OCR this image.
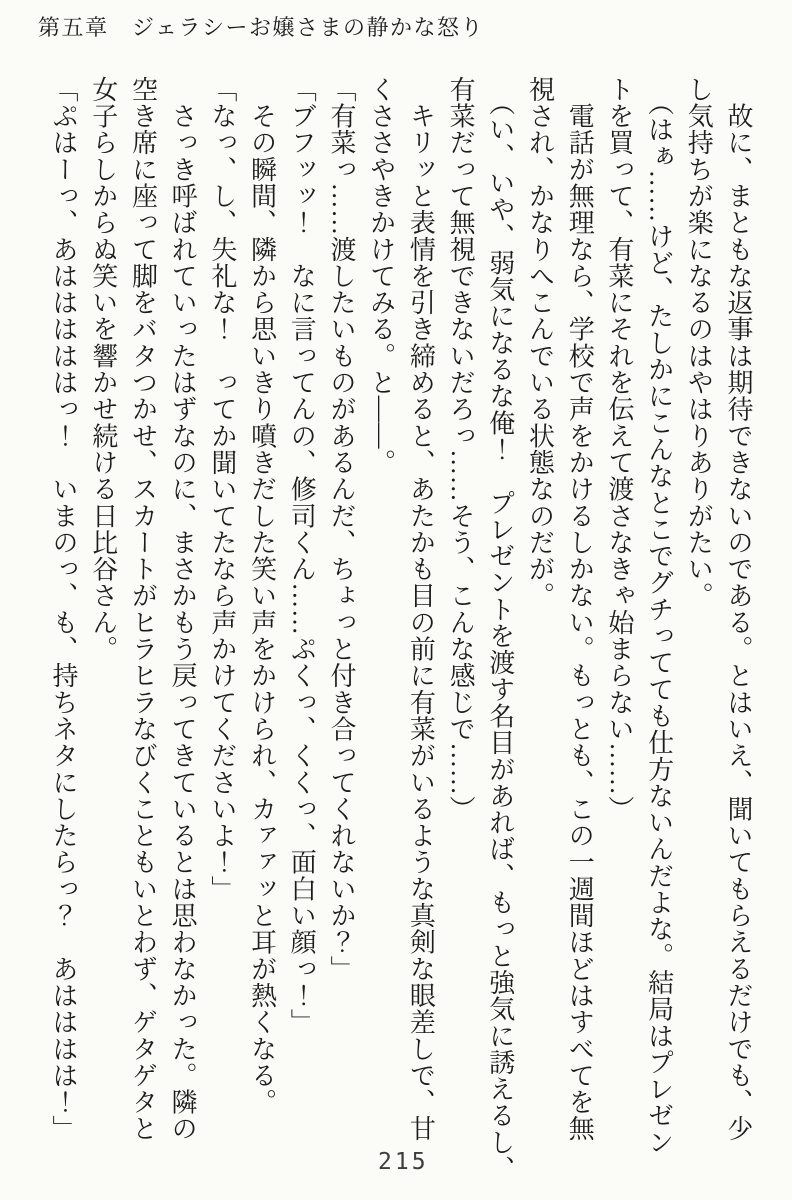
第五章　ジェラシーお嬢さまの静かな怒り

　故に、まともな返事は期待できないのである。とはいえ、聞いてもらえるだけでも、少

し気持ちが楽になるのはやはりありがたい。

　（はぁ……けど、たしかにこんなとこでグチってても仕方ないんだよな。結局はプレゼン

トを買って、有菜にそれを伝えて渡さなきゃ始まらない……）

　電話が無理なら、学校で声をかけるしかない。もっとも、この一週間ほどはすべてを無

視され、かなりへこんでいる状態なのだが。

　（い、いや、弱気になるな俺！　プレゼントを渡す名目があれば、もっと強気に誘えるし、

有菜だって無視できないだろっ……そう、こんな感じで……）

　キリッと表情を引き締めると、あたかも目の前に有菜がいるような真剣な眼差しで、甘

くささやきかけてみる。と――。

「有菜っ……渡したいものがあるんだ、ちょっと付き合ってくれないか？」

「ブフッッ！　なに言ってんの、修司くん……ぷくっ、くくっ、面白い顔っ！」

　その瞬間、隣から思いきり噴きだした笑い声をかけられ、カァァッと耳が熱くなる。

「なっ、し、失礼な！　ってか聞いてたなら声かけてくださいよ！」

　さっき呼ばれていったはずなのに、まさかもう戻ってきているとは思わなかった。隣の

空き席に座って脚をバタつかせ、スカートがヒラヒラなびくこともいとわず、ゲタゲタと

女子らしからぬ笑いを響かせ続ける日比谷さん。

「ぷはーっ、あはははははっ！　いまのっ、も、持ちネタにしたらっ？　あはははは！」

215
